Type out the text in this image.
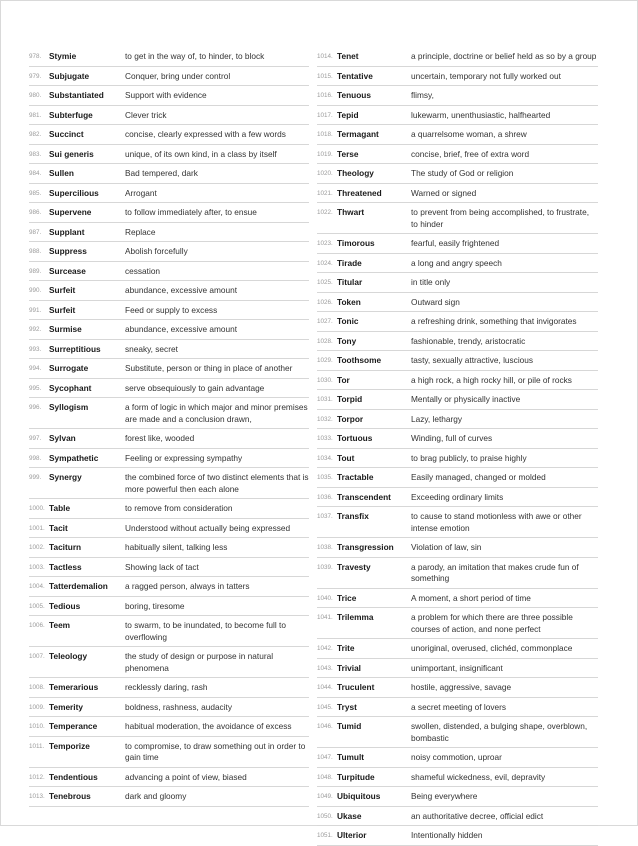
978. Stymie	to get in the way of, to hinder, to block
979. Subjugate	Conquer, bring under control
980. Substantiated	Support with evidence
981. Subterfuge	Clever trick
982. Succinct	concise, clearly expressed with a few words
983. Sui generis	unique, of its own kind, in a class by itself
984. Sullen	Bad tempered, dark
985. Supercilious	Arrogant
986. Supervene	to follow immediately after, to ensue
987. Supplant	Replace
988. Suppress	Abolish forcefully
989. Surcease	cessation
990. Surfeit	abundance, excessive amount
991. Surfeit	Feed or supply to excess
992. Surmise	abundance, excessive amount
993. Surreptitious	sneaky, secret
994. Surrogate	Substitute, person or thing in place of another
995. Sycophant	serve obsequiously to gain advantage
996. Syllogism	a form of logic in which major and minor premises are made and a conclusion drawn,
997. Sylvan	forest like, wooded
998. Sympathetic	Feeling or expressing sympathy
999. Synergy	the combined force of two distinct elements that is more powerful then each alone
1000. Table	to remove from consideration
1001. Tacit	Understood without actually being expressed
1002. Taciturn	habitually silent, talking less
1003. Tactless	Showing lack of tact
1004. Tatterdemalion	a ragged person, always in tatters
1005. Tedious	boring, tiresome
1006. Teem	to swarm, to be inundated, to become full to overflowing
1007. Teleology	the study of design or purpose in natural phenomena
1008. Temerarious	recklessly daring, rash
1009. Temerity	boldness, rashness, audacity
1010. Temperance	habitual moderation, the avoidance of excess
1011. Temporize	to compromise, to draw something out in order to gain time
1012. Tendentious	advancing a point of view, biased
1013. Tenebrous	dark and gloomy
1014. Tenet	a principle, doctrine or belief held as so by a group
1015. Tentative	uncertain, temporary not fully worked out
1016. Tenuous	flimsy,
1017. Tepid	lukewarm, unenthusiastic, halfhearted
1018. Termagant	a quarrelsome woman, a shrew
1019. Terse	concise, brief, free of extra word
1020. Theology	The study of God or religion
1021. Threatened	Warned or signed
1022. Thwart	to prevent from being accomplished, to frustrate, to hinder
1023. Timorous	fearful, easily frightened
1024. Tirade	a long and angry speech
1025. Titular	in title only
1026. Token	Outward sign
1027. Tonic	a refreshing drink, something that invigorates
1028. Tony	fashionable, trendy, aristocratic
1029. Toothsome	tasty, sexually attractive, luscious
1030. Tor	a high rock, a high rocky hill, or pile of rocks
1031. Torpid	Mentally or physically inactive
1032. Torpor	Lazy, lethargy
1033. Tortuous	Winding, full of curves
1034. Tout	to brag publicly, to praise highly
1035. Tractable	Easily managed, changed or molded
1036. Transcendent	Exceeding ordinary limits
1037. Transfix	to cause to stand motionless with awe or other intense emotion
1038. Transgression	Violation of law, sin
1039. Travesty	a parody, an imitation that makes crude fun of something
1040. Trice	A moment, a short period of time
1041. Trilemma	a problem for which there are three possible courses of action, and none perfect
1042. Trite	unoriginal, overused, clichéd, commonplace
1043. Trivial	unimportant, insignificant
1044. Truculent	hostile, aggressive, savage
1045. Tryst	a secret meeting of lovers
1046. Tumid	swollen, distended, a bulging shape, overblown, bombastic
1047. Tumult	noisy commotion, uproar
1048. Turpitude	shameful wickedness, evil, depravity
1049. Ubiquitous	Being everywhere
1050. Ukase	an authoritative decree, official edict
1051. Ulterior	Intentionally hidden
